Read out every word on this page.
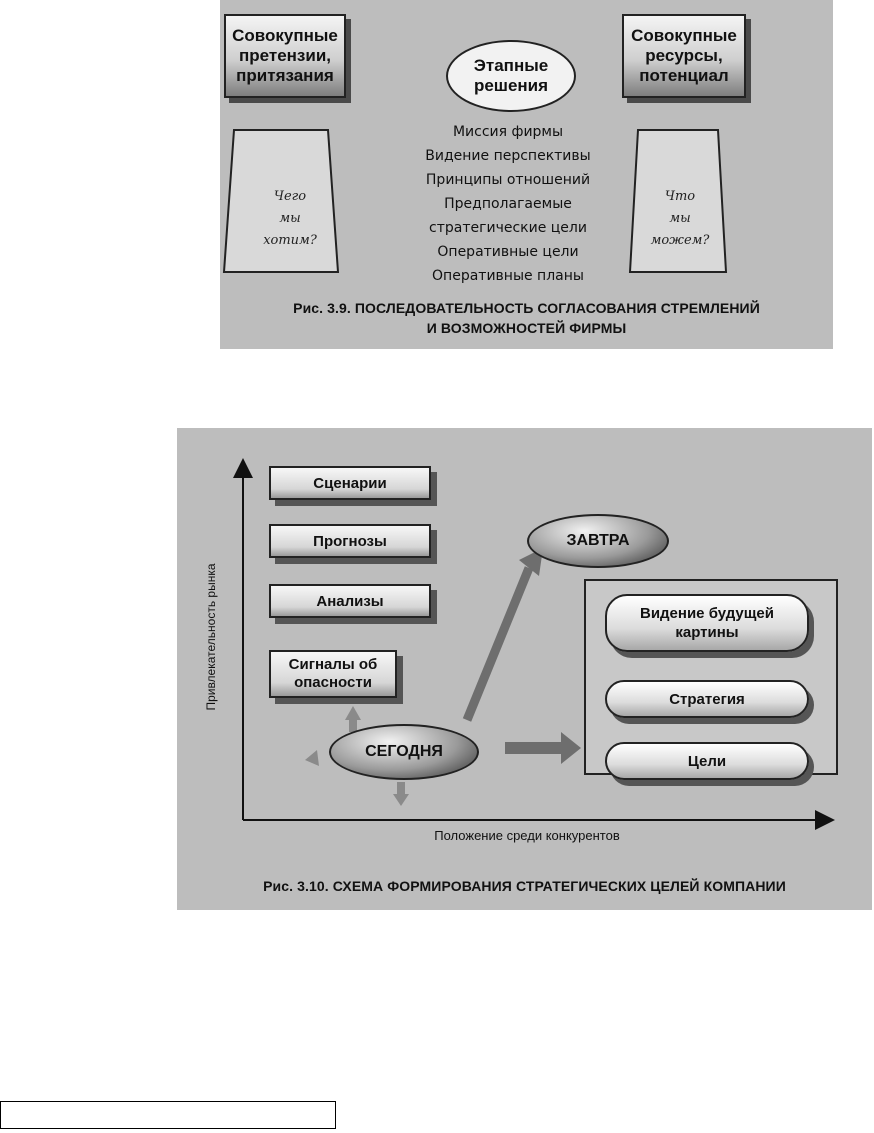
Совокупные претензии, притязания
Этапные решения
Совокупные ресурсы, потенциал
Миссия фирмы
Видение перспективы
Принципы отношений
Предполагаемые
стратегические цели
Оперативные цели
Оперативные планы
Чего
мы
хотим?
Что
мы
можем?
Рис. 3.9. ПОСЛЕДОВАТЕЛЬНОСТЬ СОГЛАСОВАНИЯ СТРЕМЛЕНИЙ
И ВОЗМОЖНОСТЕЙ ФИРМЫ
Привлекательность рынка
Положение среди конкурентов
Сценарии
Прогнозы
Анализы
Сигналы об опасности
СЕГОДНЯ
ЗАВТРА
Видение будущей картины
Стратегия
Цели
Рис. 3.10. СХЕМА ФОРМИРОВАНИЯ СТРАТЕГИЧЕСКИХ ЦЕЛЕЙ КОМПАНИИ
